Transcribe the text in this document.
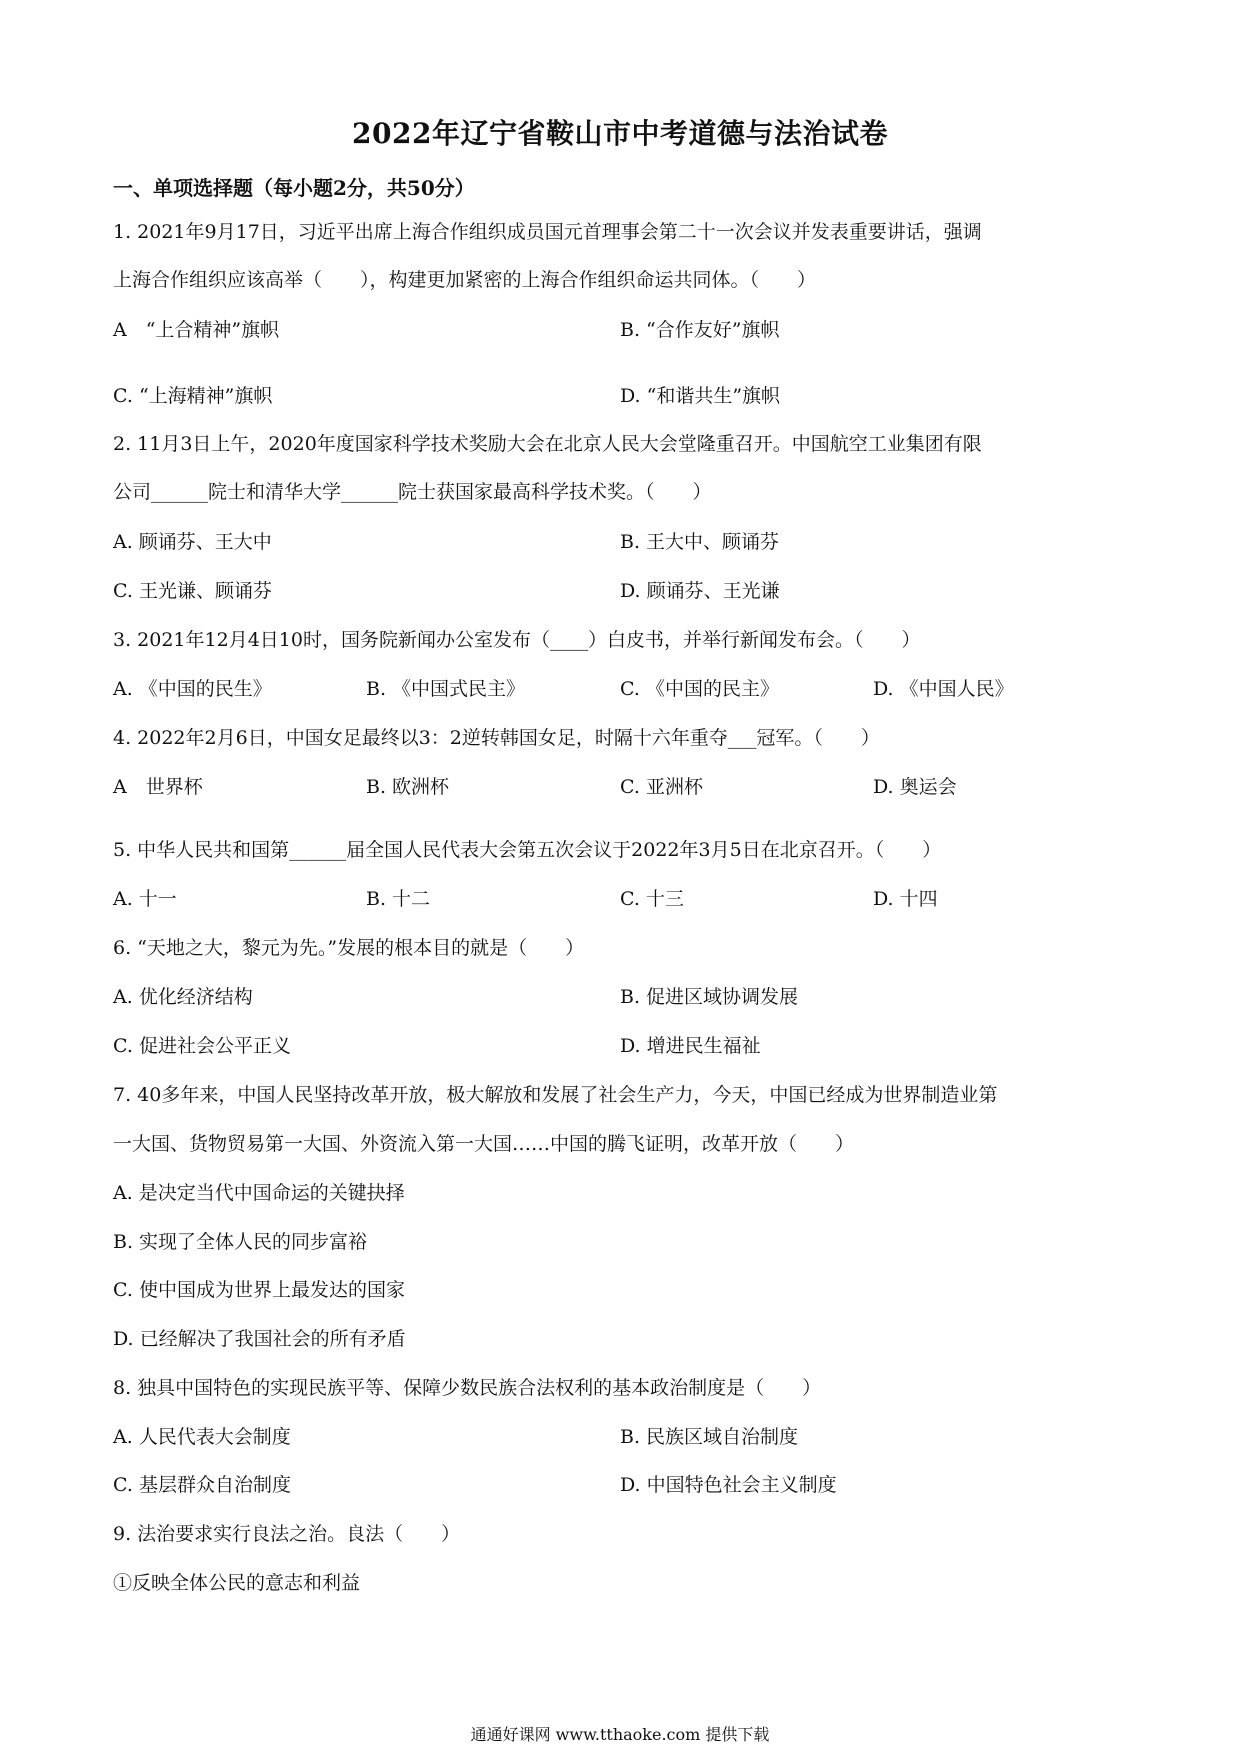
2022年辽宁省鞍山市中考道德与法治试卷
一、单项选择题（每小题2分，共50分）
1. 2021年9月17日，习近平出席上海合作组织成员国元首理事会第二十一次会议并发表重要讲话，强调
上海合作组织应该高举（　　），构建更加紧密的上海合作组织命运共同体。（　　）
A　“上合精神”旗帜	B. “合作友好”旗帜
C. “上海精神”旗帜	D. “和谐共生”旗帜
2. 11月3日上午，2020年度国家科学技术奖励大会在北京人民大会堂隆重召开。中国航空工业集团有限
公司______院士和清华大学______院士获国家最高科学技术奖。（　　）
A. 顾诵芬、王大中	B. 王大中、顾诵芬
C. 王光谦、顾诵芬	D. 顾诵芬、王光谦
3. 2021年12月4日10时，国务院新闻办公室发布（____）白皮书，并举行新闻发布会。（　　）
A. 《中国的民生》	B. 《中国式民主》	C. 《中国的民主》	D. 《中国人民》
4. 2022年2月6日，中国女足最终以3：2逆转韩国女足，时隔十六年重夺___冠军。（　　）
A　世界杯	B. 欧洲杯	C. 亚洲杯	D. 奥运会
5. 中华人民共和国第______届全国人民代表大会第五次会议于2022年3月5日在北京召开。（　　）
A. 十一	B. 十二	C. 十三	D. 十四
6. “天地之大，黎元为先。”发展的根本目的就是（　　）
A. 优化经济结构	B. 促进区域协调发展
C. 促进社会公平正义	D. 增进民生福祉
7. 40多年来，中国人民坚持改革开放，极大解放和发展了社会生产力，今天，中国已经成为世界制造业第
一大国、货物贸易第一大国、外资流入第一大国……中国的腾飞证明，改革开放（　　）
A. 是决定当代中国命运的关键抉择
B. 实现了全体人民的同步富裕
C. 使中国成为世界上最发达的国家
D. 已经解决了我国社会的所有矛盾
8. 独具中国特色的实现民族平等、保障少数民族合法权利的基本政治制度是（　　）
A. 人民代表大会制度	B. 民族区域自治制度
C. 基层群众自治制度	D. 中国特色社会主义制度
9. 法治要求实行良法之治。良法（　　）
①反映全体公民的意志和利益
通通好课网 www.tthaoke.com 提供下载
